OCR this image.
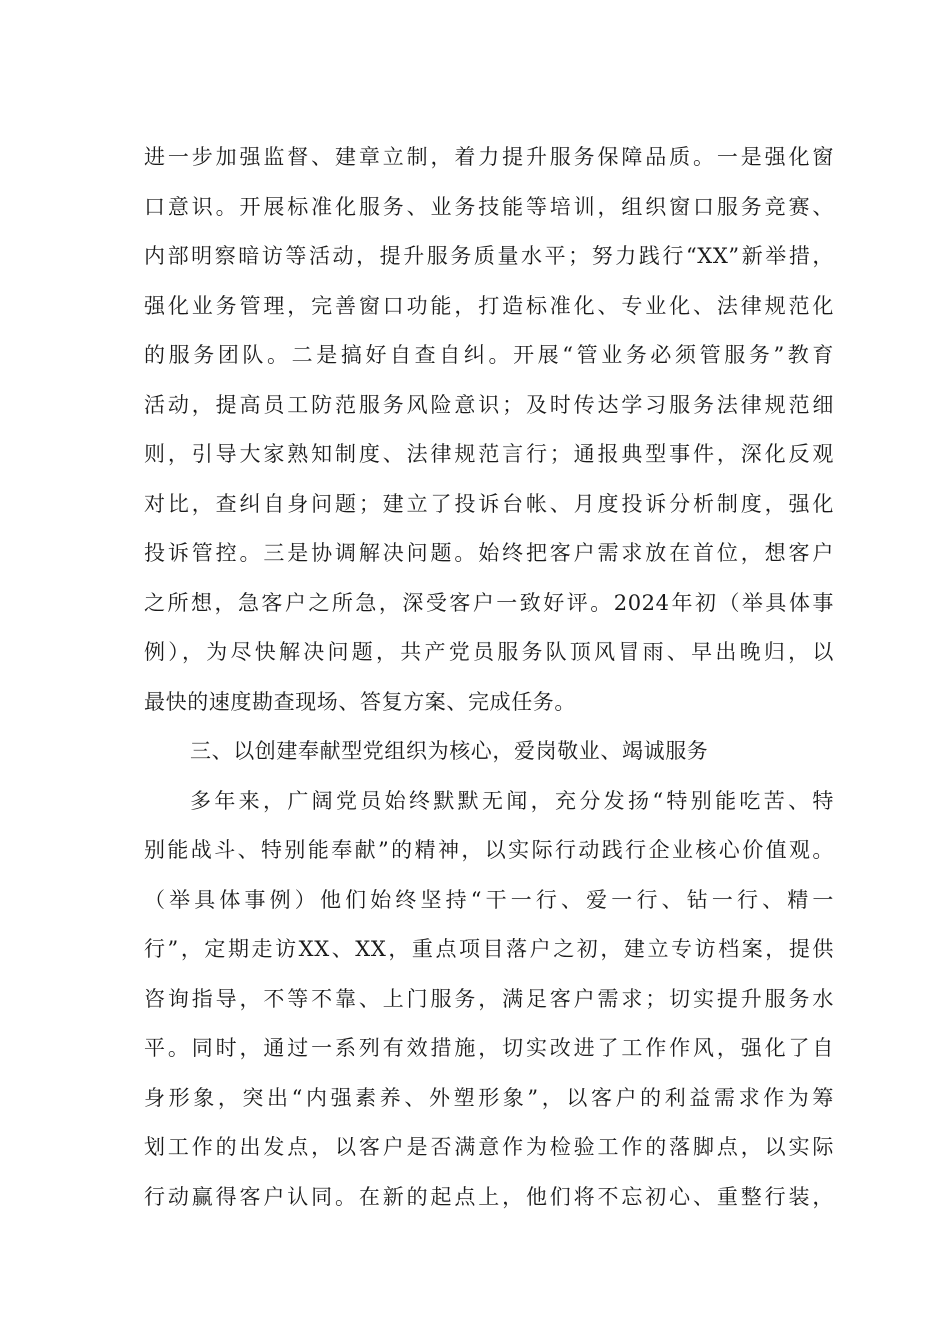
进一步加强监督、建章立制，着力提升服务保障品质。一是强化窗
口意识。开展标准化服务、业务技能等培训，组织窗口服务竞赛、
内部明察暗访等活动，提升服务质量水平；努力践行“XX”新举措，
强化业务管理，完善窗口功能，打造标准化、专业化、法律规范化
的服务团队。二是搞好自查自纠。开展“管业务必须管服务”教育
活动，提高员工防范服务风险意识；及时传达学习服务法律规范细
则，引导大家熟知制度、法律规范言行；通报典型事件，深化反观
对比，查纠自身问题；建立了投诉台帐、月度投诉分析制度，强化
投诉管控。三是协调解决问题。始终把客户需求放在首位，想客户
之所想，急客户之所急，深受客户一致好评。2024年初（举具体事
例），为尽快解决问题，共产党员服务队顶风冒雨、早出晚归，以
最快的速度勘查现场、答复方案、完成任务。
三、以创建奉献型党组织为核心，爱岗敬业、竭诚服务
多年来，广阔党员始终默默无闻，充分发扬“特别能吃苦、特
别能战斗、特别能奉献”的精神，以实际行动践行企业核心价值观。
（举具体事例）他们始终坚持“干一行、爱一行、钻一行、精一
行”，定期走访XX、XX，重点项目落户之初，建立专访档案，提供
咨询指导，不等不靠、上门服务，满足客户需求；切实提升服务水
平。同时，通过一系列有效措施，切实改进了工作作风，强化了自
身形象，突出“内强素养、外塑形象”，以客户的利益需求作为筹
划工作的出发点，以客户是否满意作为检验工作的落脚点，以实际
行动赢得客户认同。在新的起点上，他们将不忘初心、重整行装，
